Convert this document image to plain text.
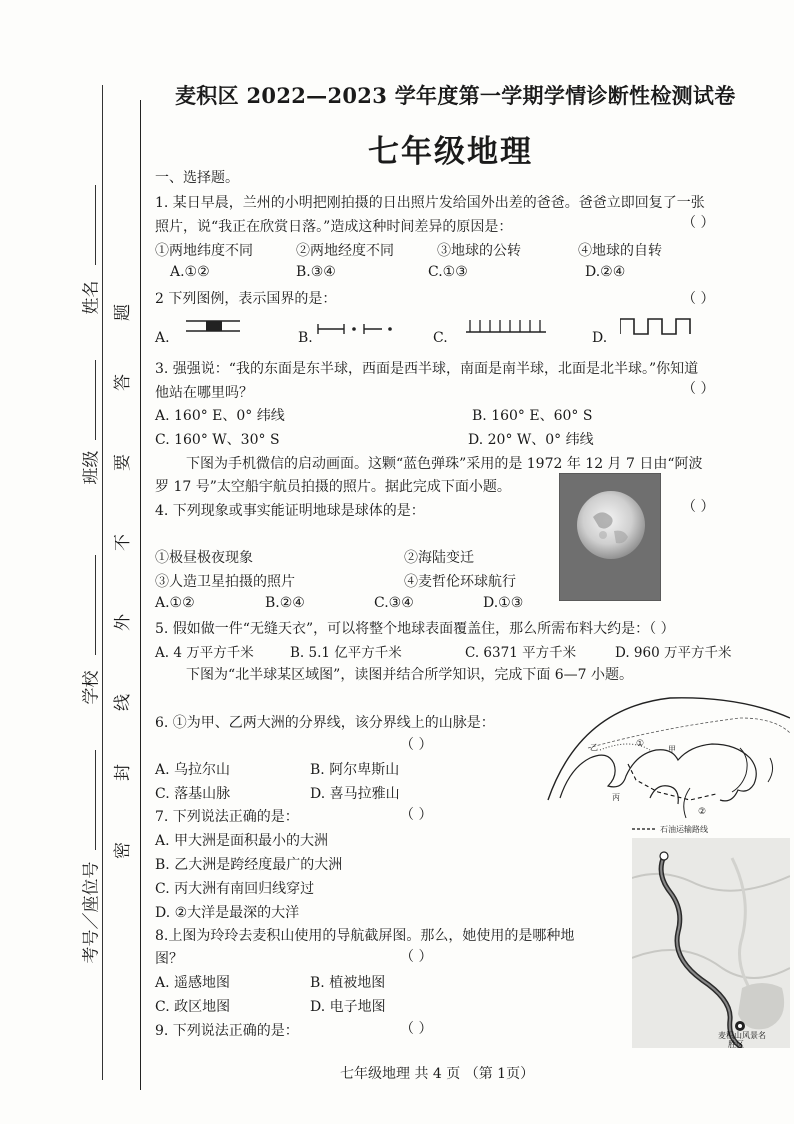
姓名
班级
学校
考号／座位号
题
答
要
不
外
线
封
密
麦积区 2022—2023 学年度第一学期学情诊断性检测试卷
七年级地理
一、选择题。
1. 某日早晨，兰州的小明把刚拍摄的日出照片发给国外出差的爸爸。爸爸立即回复了一张
照片，说“我正在欣赏日落。”造成这种时间差异的原因是：	（ ）
①两地纬度不同	②两地经度不同	③地球的公转	④地球的自转
A.①②	B.③④	C.①③	D.②④
2 下列图例，表示国界的是：	（ ）
A.	B.	C.	D.
3. 强强说：“我的东面是东半球，西面是西半球，南面是南半球，北面是北半球。”你知道
他站在哪里吗？	（ ）
A. 160° E、0° 纬线	B. 160° E、60° S
C. 160° W、30° S	D. 20° W、0° 纬线
下图为手机微信的启动画面。这颗“蓝色弹珠”采用的是 1972 年 12 月 7 日由“阿波
罗 17 号”太空船宇航员拍摄的照片。据此完成下面小题。
4. 下列现象或事实能证明地球是球体的是：	（ ）
①极昼极夜现象	②海陆变迁
③人造卫星拍摄的照片	④麦哲伦环球航行
A.①②	B.②④	C.③④	D.①③
5. 假如做一件“无缝天衣”，可以将整个地球表面覆盖住，那么所需布料大约是：（ ）
A. 4 万平方千米	B. 5.1 亿平方千米	C. 6371 平方千米	D. 960 万平方千米
下图为“北半球某区域图”，读图并结合所学知识，完成下面 6—7 小题。
甲
乙
丙
①
②
石油运输路线
6. ①为甲、乙两大洲的分界线，该分界线上的山脉是：
（ ）
A. 乌拉尔山	B. 阿尔卑斯山
C. 落基山脉	D. 喜马拉雅山
7. 下列说法正确的是：	（ ）
A. 甲大洲是面积最小的大洲
B. 乙大洲是跨经度最广的大洲
C. 丙大洲有南回归线穿过
D. ②大洋是最深的大洋
麦积山风景名
胜区
8.上图为玲玲去麦积山使用的导航截屏图。那么，她使用的是哪种地
图？	（ ）
A. 遥感地图	B. 植被地图
C. 政区地图	D. 电子地图
9. 下列说法正确的是：	（ ）
七年级地理 共 4 页 （第 1页）
